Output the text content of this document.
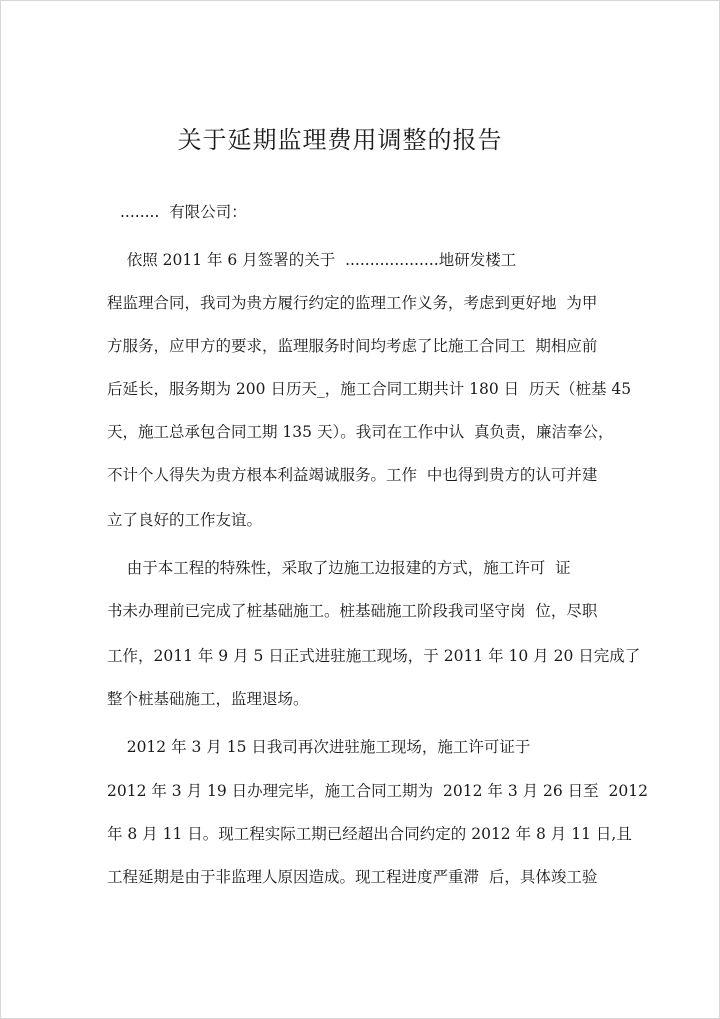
关于延期监理费用调整的报告

........  有限公司：

依照 2011 年 6 月签署的关于  ...................地研发楼工

程监理合同，我司为贵方履行约定的监理工作义务，考虑到更好地  为甲

方服务，应甲方的要求，监理服务时间均考虑了比施工合同工  期相应前

后延长，服务期为 200 日历天_，施工合同工期共计 180 日  历天（桩基 45

天，施工总承包合同工期 135 天）。我司在工作中认  真负责，廉洁奉公，

不计个人得失为贵方根本利益竭诚服务。工作  中也得到贵方的认可并建

立了良好的工作友谊。

由于本工程的特殊性，采取了边施工边报建的方式，施工许可  证

书未办理前已完成了桩基础施工。桩基础施工阶段我司坚守岗  位，尽职

工作，2011 年 9 月 5 日正式进驻施工现场，于 2011 年 10 月 20 日完成了

整个桩基础施工，监理退场。

2012 年 3 月 15 日我司再次进驻施工现场，施工许可证于

2012 年 3 月 19 日办理完毕，施工合同工期为  2012 年 3 月 26 日至  2012

年 8 月 11 日。现工程实际工期已经超出合同约定的 2012 年 8 月 11 日,且

工程延期是由于非监理人原因造成。现工程进度严重滞  后，具体竣工验
